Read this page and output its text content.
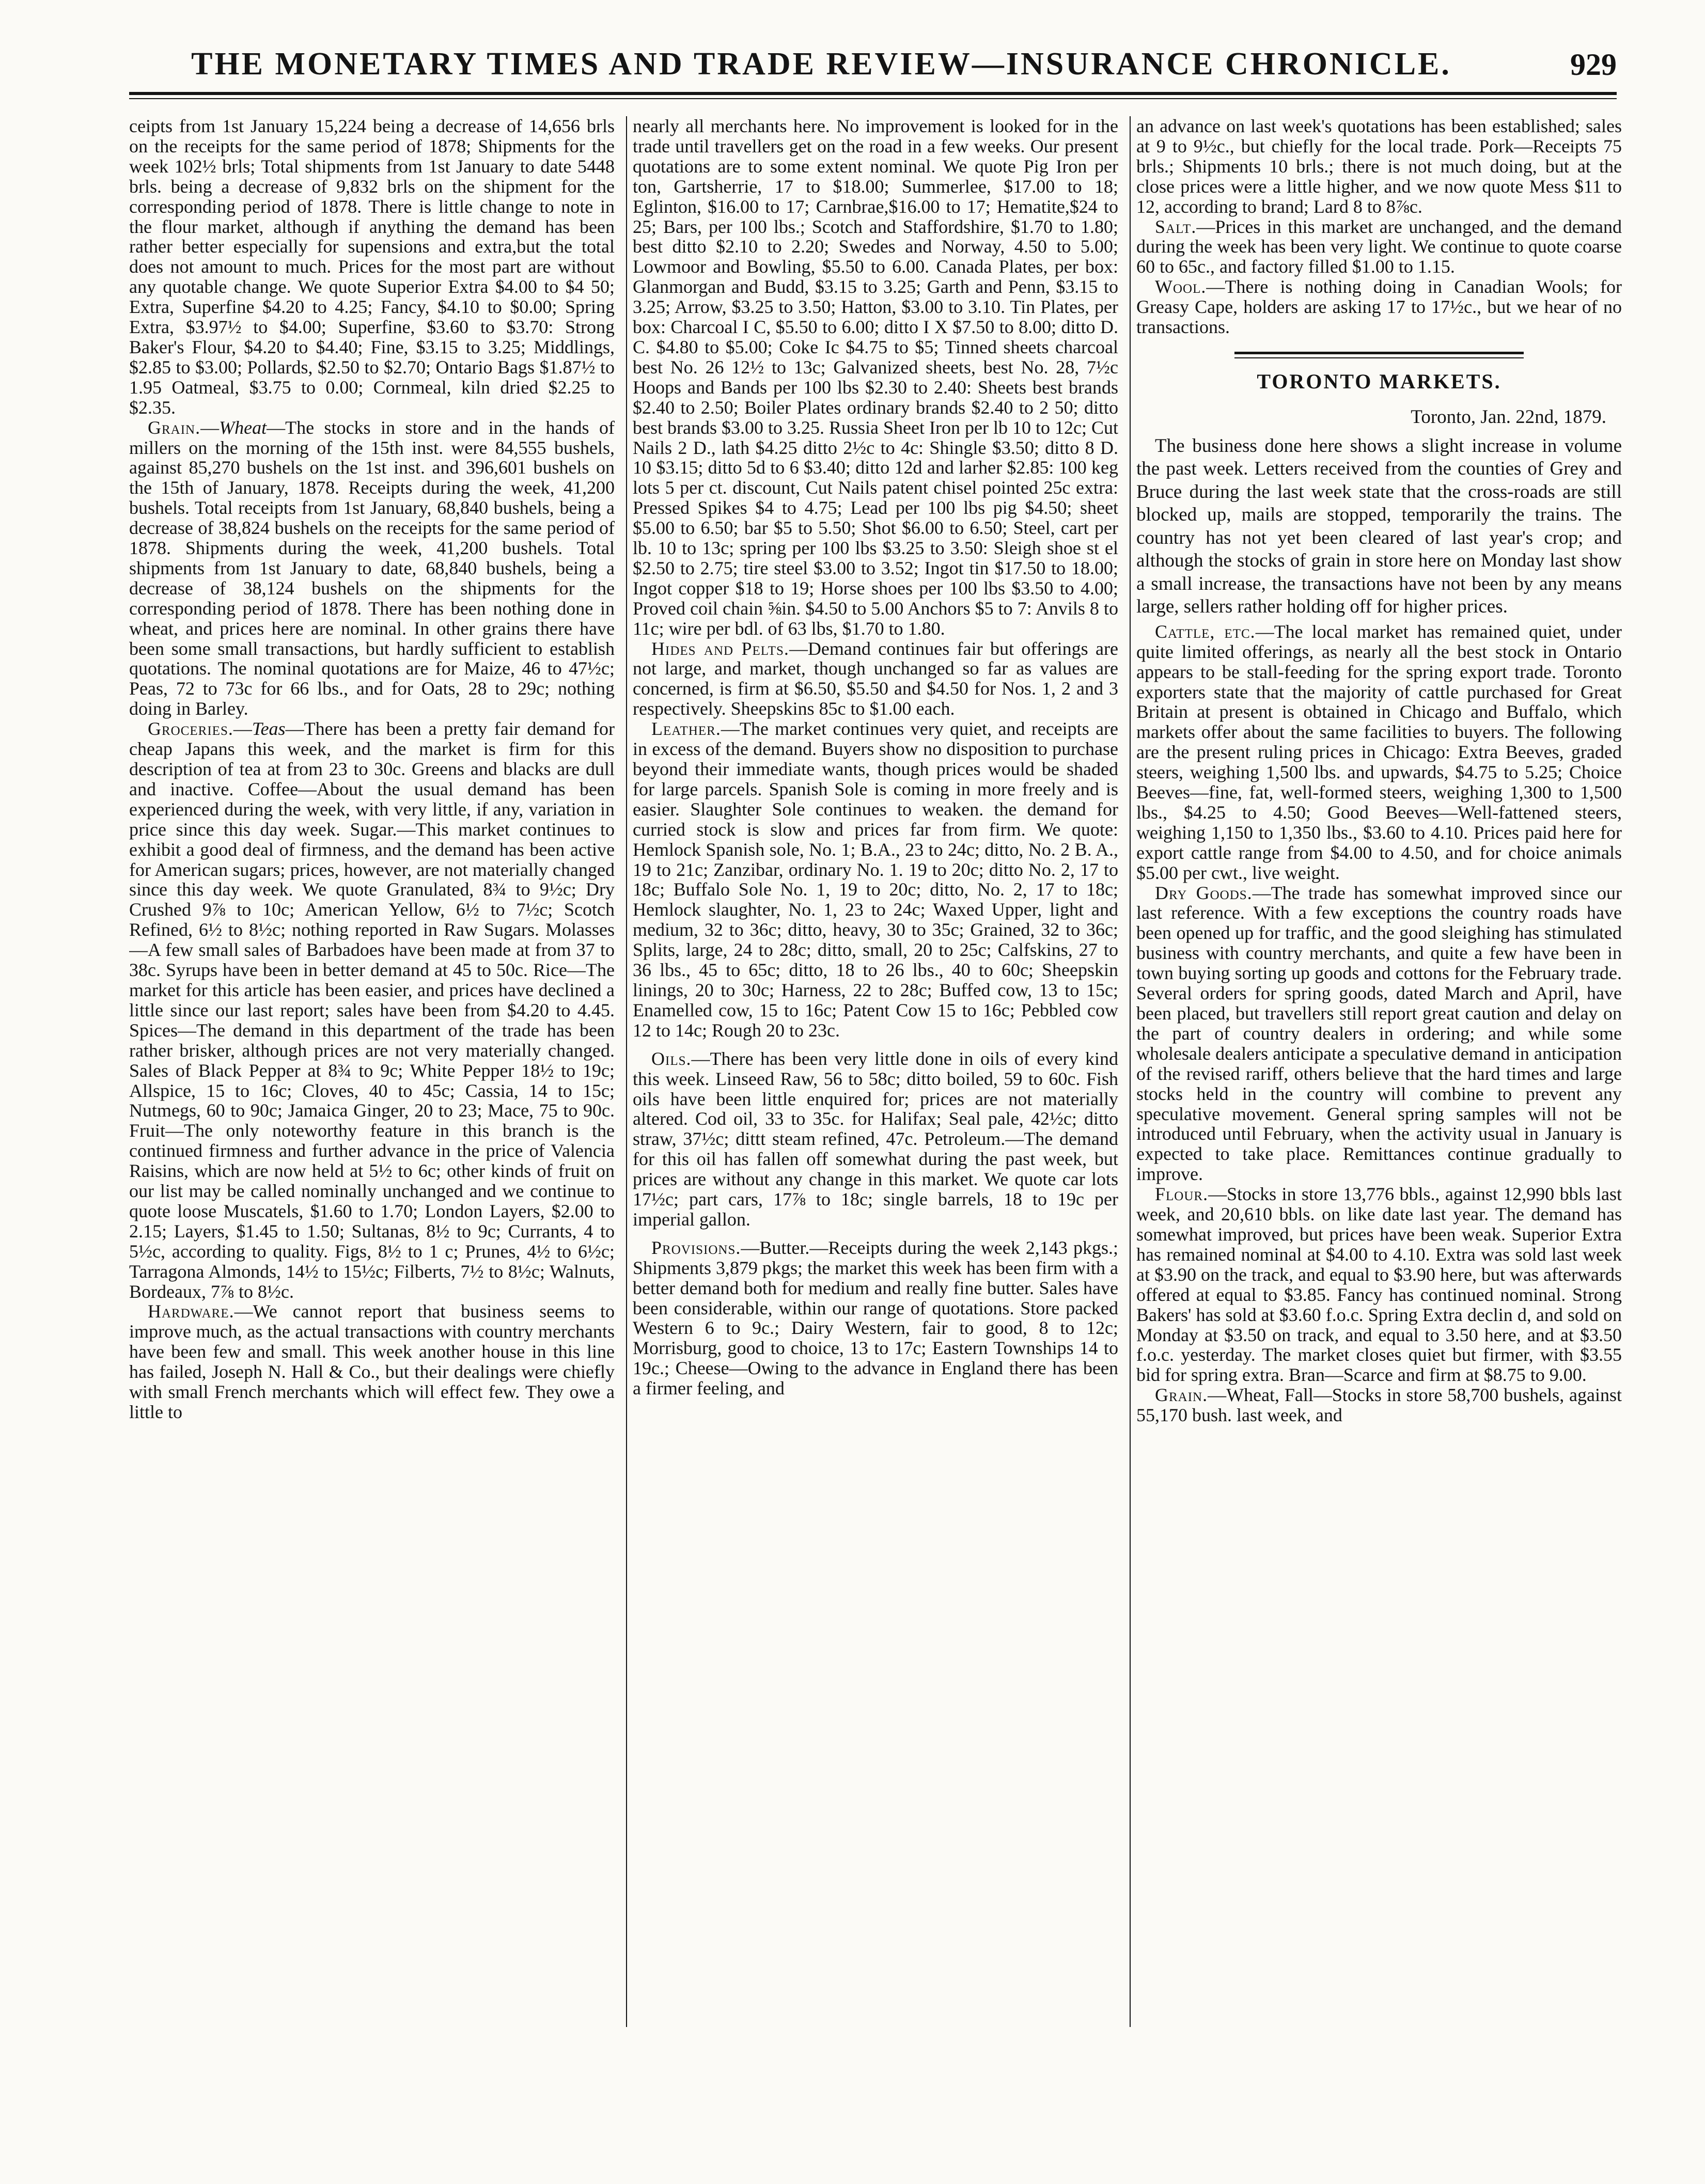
THE MONETARY TIMES AND TRADE REVIEW—INSURANCE CHRONICLE.	929

ceipts from 1st January 15,224 being a decrease of 14,656 brls on the receipts for the same period of 1878; Shipments for the week 102½ brls; Total shipments from 1st January to date 5448 brls. being a decrease of 9,832 brls on the shipment for the corresponding period of 1878. There is little change to note in the flour market, although if anything the demand has been rather better especially for supensions and extra,but the total does not amount to much. Prices for the most part are without any quotable change. We quote Superior Extra $4.00 to $4 50; Extra, Superfine $4.20 to 4.25; Fancy, $4.10 to $0.00; Spring Extra, $3.97½ to $4.00; Superfine, $3.60 to $3.70: Strong Baker's Flour, $4.20 to $4.40; Fine, $3.15 to 3.25; Middlings, $2.85 to $3.00; Pollards, $2.50 to $2.70; Ontario Bags $1.87½ to 1.95 Oatmeal, $3.75 to 0.00; Cornmeal, kiln dried $2.25 to $2.35.

Grain.—Wheat—The stocks in store and in the hands of millers on the morning of the 15th inst. were 84,555 bushels, against 85,270 bushels on the 1st inst. and 396,601 bushels on the 15th of January, 1878. Receipts during the week, 41,200 bushels. Total receipts from 1st January, 68,840 bushels, being a decrease of 38,824 bushels on the receipts for the same period of 1878. Shipments during the week, 41,200 bushels. Total shipments from 1st January to date, 68,840 bushels, being a decrease of 38,124 bushels on the shipments for the corresponding period of 1878. There has been nothing done in wheat, and prices here are nominal. In other grains there have been some small transactions, but hardly sufficient to establish quotations. The nominal quotations are for Maize, 46 to 47½c; Peas, 72 to 73c for 66 lbs., and for Oats, 28 to 29c; nothing doing in Barley.

Groceries.—Teas—There has been a pretty fair demand for cheap Japans this week, and the market is firm for this description of tea at from 23 to 30c. Greens and blacks are dull and inactive. Coffee—About the usual demand has been experienced during the week, with very little, if any, variation in price since this day week. Sugar.—This market continues to exhibit a good deal of firmness, and the demand has been active for American sugars; prices, however, are not materially changed since this day week. We quote Granulated, 8¾ to 9½c; Dry Crushed 9⅞ to 10c; American Yellow, 6½ to 7½c; Scotch Refined, 6½ to 8½c; nothing reported in Raw Sugars. Molasses—A few small sales of Barbadoes have been made at from 37 to 38c. Syrups have been in better demand at 45 to 50c. Rice—The market for this article has been easier, and prices have declined a little since our last report; sales have been from $4.20 to 4.45. Spices—The demand in this department of the trade has been rather brisker, although prices are not very materially changed. Sales of Black Pepper at 8¾ to 9c; White Pepper 18½ to 19c; Allspice, 15 to 16c; Cloves, 40 to 45c; Cassia, 14 to 15c; Nutmegs, 60 to 90c; Jamaica Ginger, 20 to 23; Mace, 75 to 90c. Fruit—The only noteworthy feature in this branch is the continued firmness and further advance in the price of Valencia Raisins, which are now held at 5½ to 6c; other kinds of fruit on our list may be called nominally unchanged and we continue to quote loose Muscatels, $1.60 to 1.70; London Layers, $2.00 to 2.15; Layers, $1.45 to 1.50; Sultanas, 8½ to 9c; Currants, 4 to 5½c, according to quality. Figs, 8½ to 1 c; Prunes, 4½ to 6½c; Tarragona Almonds, 14½ to 15½c; Filberts, 7½ to 8½c; Walnuts, Bordeaux, 7⅞ to 8½c.

Hardware.—We cannot report that business seems to improve much, as the actual transactions with country merchants have been few and small. This week another house in this line has failed, Joseph N. Hall & Co., but their dealings were chiefly with small French merchants which will effect few. They owe a little to

nearly all merchants here. No improvement is looked for in the trade until travellers get on the road in a few weeks. Our present quotations are to some extent nominal. We quote Pig Iron per ton, Gartsherrie, 17 to $18.00; Summerlee, $17.00 to 18; Eglinton, $16.00 to 17; Carnbrae,$16.00 to 17; Hematite,$24 to 25; Bars, per 100 lbs.; Scotch and Staffordshire, $1.70 to 1.80; best ditto $2.10 to 2.20; Swedes and Norway, 4.50 to 5.00; Lowmoor and Bowling, $5.50 to 6.00. Canada Plates, per box: Glanmorgan and Budd, $3.15 to 3.25; Garth and Penn, $3.15 to 3.25; Arrow, $3.25 to 3.50; Hatton, $3.00 to 3.10. Tin Plates, per box: Charcoal I C, $5.50 to 6.00; ditto I X $7.50 to 8.00; ditto D. C. $4.80 to $5.00; Coke Ic $4.75 to $5; Tinned sheets charcoal best No. 26 12½ to 13c; Galvanized sheets, best No. 28, 7½c Hoops and Bands per 100 lbs $2.30 to 2.40: Sheets best brands $2.40 to 2.50; Boiler Plates ordinary brands $2.40 to 2 50; ditto best brands $3.00 to 3.25. Russia Sheet Iron per lb 10 to 12c; Cut Nails 2 D., lath $4.25 ditto 2½c to 4c: Shingle $3.50; ditto 8 D. 10 $3.15; ditto 5d to 6 $3.40; ditto 12d and larher $2.85: 100 keg lots 5 per ct. discount, Cut Nails patent chisel pointed 25c extra: Pressed Spikes $4 to 4.75; Lead per 100 lbs pig $4.50; sheet $5.00 to 6.50; bar $5 to 5.50; Shot $6.00 to 6.50; Steel, cart per lb. 10 to 13c; spring per 100 lbs $3.25 to 3.50: Sleigh shoe st el $2.50 to 2.75; tire steel $3.00 to 3.52; Ingot tin $17.50 to 18.00; Ingot copper $18 to 19; Horse shoes per 100 lbs $3.50 to 4.00; Proved coil chain ⅝in. $4.50 to 5.00 Anchors $5 to 7: Anvils 8 to 11c; wire per bdl. of 63 lbs, $1.70 to 1.80.

Hides and Pelts.—Demand continues fair but offerings are not large, and market, though unchanged so far as values are concerned, is firm at $6.50, $5.50 and $4.50 for Nos. 1, 2 and 3 respectively. Sheepskins 85c to $1.00 each.

Leather.—The market continues very quiet, and receipts are in excess of the demand. Buyers show no disposition to purchase beyond their immediate wants, though prices would be shaded for large parcels. Spanish Sole is coming in more freely and is easier. Slaughter Sole continues to weaken. the demand for curried stock is slow and prices far from firm. We quote: Hemlock Spanish sole, No. 1; B.A., 23 to 24c; ditto, No. 2 B. A., 19 to 21c; Zanzibar, ordinary No. 1. 19 to 20c; ditto No. 2, 17 to 18c; Buffalo Sole No. 1, 19 to 20c; ditto, No. 2, 17 to 18c; Hemlock slaughter, No. 1, 23 to 24c; Waxed Upper, light and medium, 32 to 36c; ditto, heavy, 30 to 35c; Grained, 32 to 36c; Splits, large, 24 to 28c; ditto, small, 20 to 25c; Calfskins, 27 to 36 lbs., 45 to 65c; ditto, 18 to 26 lbs., 40 to 60c; Sheepskin linings, 20 to 30c; Harness, 22 to 28c; Buffed cow, 13 to 15c; Enamelled cow, 15 to 16c; Patent Cow 15 to 16c; Pebbled cow 12 to 14c; Rough 20 to 23c.

Oils.—There has been very little done in oils of every kind this week. Linseed Raw, 56 to 58c; ditto boiled, 59 to 60c. Fish oils have been little enquired for; prices are not materially altered. Cod oil, 33 to 35c. for Halifax; Seal pale, 42½c; ditto straw, 37½c; dittt steam refined, 47c. Petroleum.—The demand for this oil has fallen off somewhat during the past week, but prices are without any change in this market. We quote car lots 17½c; part cars, 17⅞ to 18c; single barrels, 18 to 19c per imperial gallon.

Provisions.—Butter.—Receipts during the week 2,143 pkgs.; Shipments 3,879 pkgs; the market this week has been firm with a better demand both for medium and really fine butter. Sales have been considerable, within our range of quotations. Store packed Western 6 to 9c.; Dairy Western, fair to good, 8 to 12c; Morrisburg, good to choice, 13 to 17c; Eastern Townships 14 to 19c.; Cheese—Owing to the advance in England there has been a firmer feeling, and

an advance on last week's quotations has been established; sales at 9 to 9½c., but chiefly for the local trade. Pork—Receipts 75 brls.; Shipments 10 brls.; there is not much doing, but at the close prices were a little higher, and we now quote Mess $11 to 12, according to brand; Lard 8 to 8⅞c.

Salt.—Prices in this market are unchanged, and the demand during the week has been very light. We continue to quote coarse 60 to 65c., and factory filled $1.00 to 1.15.

Wool.—There is nothing doing in Canadian Wools; for Greasy Cape, holders are asking 17 to 17½c., but we hear of no transactions.

TORONTO MARKETS.

Toronto, Jan. 22nd, 1879.

The business done here shows a slight increase in volume the past week. Letters received from the counties of Grey and Bruce during the last week state that the cross-roads are still blocked up, mails are stopped, temporarily the trains. The country has not yet been cleared of last year's crop; and although the stocks of grain in store here on Monday last show a small increase, the transactions have not been by any means large, sellers rather holding off for higher prices.

Cattle, etc.—The local market has remained quiet, under quite limited offerings, as nearly all the best stock in Ontario appears to be stall-feeding for the spring export trade. Toronto exporters state that the majority of cattle purchased for Great Britain at present is obtained in Chicago and Buffalo, which markets offer about the same facilities to buyers. The following are the present ruling prices in Chicago: Extra Beeves, graded steers, weighing 1,500 lbs. and upwards, $4.75 to 5.25; Choice Beeves—fine, fat, well-formed steers, weighing 1,300 to 1,500 lbs., $4.25 to 4.50; Good Beeves—Well-fattened steers, weighing 1,150 to 1,350 lbs., $3.60 to 4.10. Prices paid here for export cattle range from $4.00 to 4.50, and for choice animals $5.00 per cwt., live weight.

Dry Goods.—The trade has somewhat improved since our last reference. With a few exceptions the country roads have been opened up for traffic, and the good sleighing has stimulated business with country merchants, and quite a few have been in town buying sorting up goods and cottons for the February trade. Several orders for spring goods, dated March and April, have been placed, but travellers still report great caution and delay on the part of country dealers in ordering; and while some wholesale dealers anticipate a speculative demand in anticipation of the revised rariff, others believe that the hard times and large stocks held in the country will combine to prevent any speculative movement. General spring samples will not be introduced until February, when the activity usual in January is expected to take place. Remittances continue gradually to improve.

Flour.—Stocks in store 13,776 bbls., against 12,990 bbls last week, and 20,610 bbls. on like date last year. The demand has somewhat improved, but prices have been weak. Superior Extra has remained nominal at $4.00 to 4.10. Extra was sold last week at $3.90 on the track, and equal to $3.90 here, but was afterwards offered at equal to $3.85. Fancy has continued nominal. Strong Bakers' has sold at $3.60 f.o.c. Spring Extra declin d, and sold on Monday at $3.50 on track, and equal to 3.50 here, and at $3.50 f.o.c. yesterday. The market closes quiet but firmer, with $3.55 bid for spring extra. Bran—Scarce and firm at $8.75 to 9.00.

Grain.—Wheat, Fall—Stocks in store 58,700 bushels, against 55,170 bush. last week, and
